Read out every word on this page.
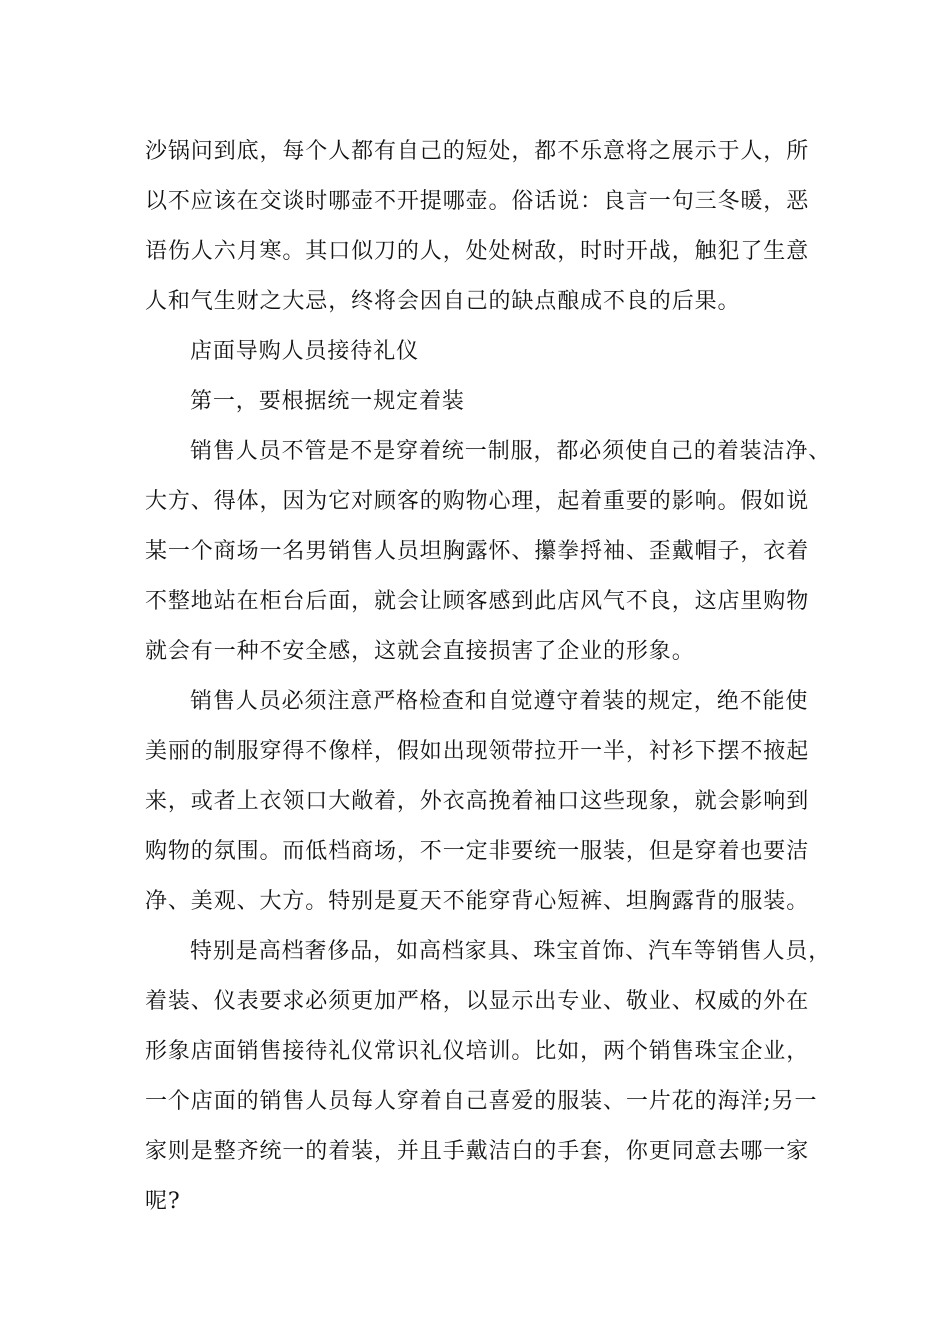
沙锅问到底，每个人都有自己的短处，都不乐意将之展示于人，所
以不应该在交谈时哪壶不开提哪壶。俗话说：良言一句三冬暖，恶
语伤人六月寒。其口似刀的人，处处树敌，时时开战，触犯了生意
人和气生财之大忌，终将会因自己的缺点酿成不良的后果。
店面导购人员接待礼仪
第一，要根据统一规定着装
销售人员不管是不是穿着统一制服，都必须使自己的着装洁净、
大方、得体，因为它对顾客的购物心理，起着重要的影响。假如说
某一个商场一名男销售人员坦胸露怀、攥拳捋袖、歪戴帽子，衣着
不整地站在柜台后面，就会让顾客感到此店风气不良，这店里购物
就会有一种不安全感，这就会直接损害了企业的形象。
销售人员必须注意严格检查和自觉遵守着装的规定，绝不能使
美丽的制服穿得不像样，假如出现领带拉开一半，衬衫下摆不掖起
来，或者上衣领口大敞着，外衣高挽着袖口这些现象，就会影响到
购物的氛围。而低档商场，不一定非要统一服装，但是穿着也要洁
净、美观、大方。特别是夏天不能穿背心短裤、坦胸露背的服装。
特别是高档奢侈品，如高档家具、珠宝首饰、汽车等销售人员，
着装、仪表要求必须更加严格，以显示出专业、敬业、权威的外在
形象店面销售接待礼仪常识礼仪培训。比如，两个销售珠宝企业，
一个店面的销售人员每人穿着自己喜爱的服装、一片花的海洋;另一
家则是整齐统一的着装，并且手戴洁白的手套，你更同意去哪一家
呢?
